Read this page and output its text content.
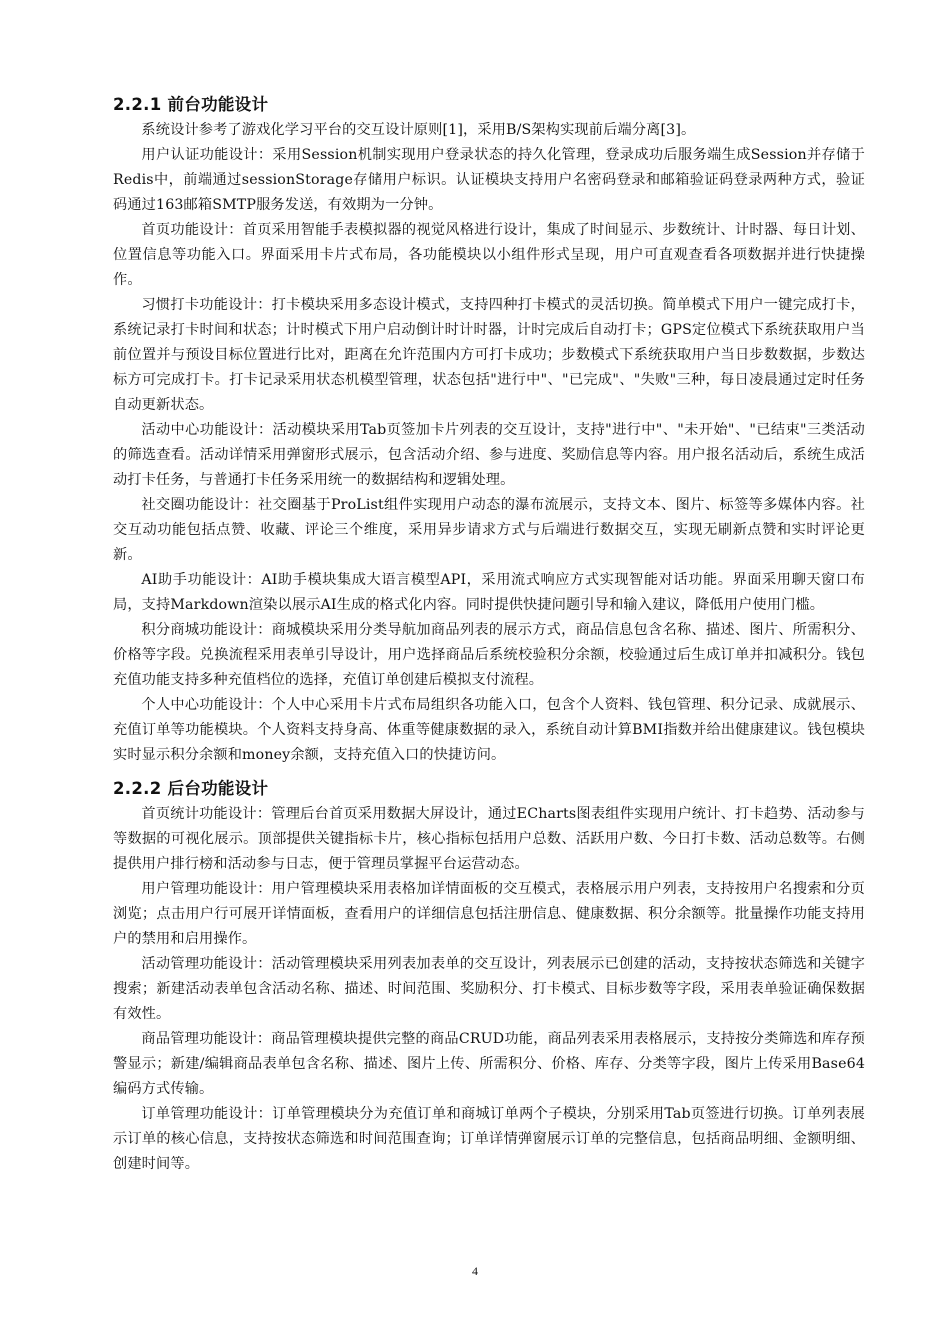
2.2.1 前台功能设计

系统设计参考了游戏化学习平台的交互设计原则[1]，采用B/S架构实现前后端分离[3]。

用户认证功能设计：采用Session机制实现用户登录状态的持久化管理，登录成功后服务端生成Session并存储于Redis中，前端通过sessionStorage存储用户标识。认证模块支持用户名密码登录和邮箱验证码登录两种方式，验证码通过163邮箱SMTP服务发送，有效期为一分钟。

首页功能设计：首页采用智能手表模拟器的视觉风格进行设计，集成了时间显示、步数统计、计时器、每日计划、位置信息等功能入口。界面采用卡片式布局，各功能模块以小组件形式呈现，用户可直观查看各项数据并进行快捷操作。

习惯打卡功能设计：打卡模块采用多态设计模式，支持四种打卡模式的灵活切换。简单模式下用户一键完成打卡，系统记录打卡时间和状态；计时模式下用户启动倒计时计时器，计时完成后自动打卡；GPS定位模式下系统获取用户当前位置并与预设目标位置进行比对，距离在允许范围内方可打卡成功；步数模式下系统获取用户当日步数数据，步数达标方可完成打卡。打卡记录采用状态机模型管理，状态包括"进行中"、"已完成"、"失败"三种，每日凌晨通过定时任务自动更新状态。

活动中心功能设计：活动模块采用Tab页签加卡片列表的交互设计，支持"进行中"、"未开始"、"已结束"三类活动的筛选查看。活动详情采用弹窗形式展示，包含活动介绍、参与进度、奖励信息等内容。用户报名活动后，系统生成活动打卡任务，与普通打卡任务采用统一的数据结构和逻辑处理。

社交圈功能设计：社交圈基于ProList组件实现用户动态的瀑布流展示，支持文本、图片、标签等多媒体内容。社交互动功能包括点赞、收藏、评论三个维度，采用异步请求方式与后端进行数据交互，实现无刷新点赞和实时评论更新。

AI助手功能设计：AI助手模块集成大语言模型API，采用流式响应方式实现智能对话功能。界面采用聊天窗口布局，支持Markdown渲染以展示AI生成的格式化内容。同时提供快捷问题引导和输入建议，降低用户使用门槛。

积分商城功能设计：商城模块采用分类导航加商品列表的展示方式，商品信息包含名称、描述、图片、所需积分、价格等字段。兑换流程采用表单引导设计，用户选择商品后系统校验积分余额，校验通过后生成订单并扣减积分。钱包充值功能支持多种充值档位的选择，充值订单创建后模拟支付流程。

个人中心功能设计：个人中心采用卡片式布局组织各功能入口，包含个人资料、钱包管理、积分记录、成就展示、充值订单等功能模块。个人资料支持身高、体重等健康数据的录入，系统自动计算BMI指数并给出健康建议。钱包模块实时显示积分余额和money余额，支持充值入口的快捷访问。

2.2.2 后台功能设计

首页统计功能设计：管理后台首页采用数据大屏设计，通过ECharts图表组件实现用户统计、打卡趋势、活动参与等数据的可视化展示。顶部提供关键指标卡片，核心指标包括用户总数、活跃用户数、今日打卡数、活动总数等。右侧提供用户排行榜和活动参与日志，便于管理员掌握平台运营动态。

用户管理功能设计：用户管理模块采用表格加详情面板的交互模式，表格展示用户列表，支持按用户名搜索和分页浏览；点击用户行可展开详情面板，查看用户的详细信息包括注册信息、健康数据、积分余额等。批量操作功能支持用户的禁用和启用操作。

活动管理功能设计：活动管理模块采用列表加表单的交互设计，列表展示已创建的活动，支持按状态筛选和关键字搜索；新建活动表单包含活动名称、描述、时间范围、奖励积分、打卡模式、目标步数等字段，采用表单验证确保数据有效性。

商品管理功能设计：商品管理模块提供完整的商品CRUD功能，商品列表采用表格展示，支持按分类筛选和库存预警显示；新建/编辑商品表单包含名称、描述、图片上传、所需积分、价格、库存、分类等字段，图片上传采用Base64编码方式传输。

订单管理功能设计：订单管理模块分为充值订单和商城订单两个子模块，分别采用Tab页签进行切换。订单列表展示订单的核心信息，支持按状态筛选和时间范围查询；订单详情弹窗展示订单的完整信息，包括商品明细、金额明细、创建时间等。

4
